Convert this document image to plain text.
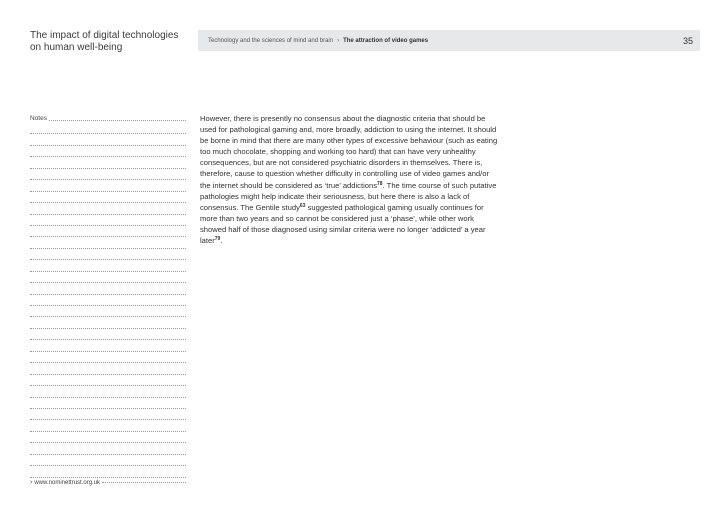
The impact of digital technologies on human well-being
Technology and the sciences of mind and brain › The attraction of video games	35
Notes
› www.nominettrust.org.uk
However, there is presently no consensus about the diagnostic criteria that should be
used for pathological gaming and, more broadly, addiction to using the internet. It should
be borne in mind that there are many other types of excessive behaviour (such as eating
too much chocolate, shopping and working too hard) that can have very unhealthy
consequences, but are not considered psychiatric disorders in themselves. There is,
therefore, cause to question whether difficulty in controlling use of video games and/or
the internet should be considered as ‘true’ addictions$^{78}$. The time course of such putative
pathologies might help indicate their seriousness, but here there is also a lack of
consensus. The Gentile study$^{63}$ suggested pathological gaming usually continues for
more than two years and so cannot be considered just a ‘phase’, while other work
showed half of those diagnosed using similar criteria were no longer ‘addicted’ a year
later$^{79}$.
